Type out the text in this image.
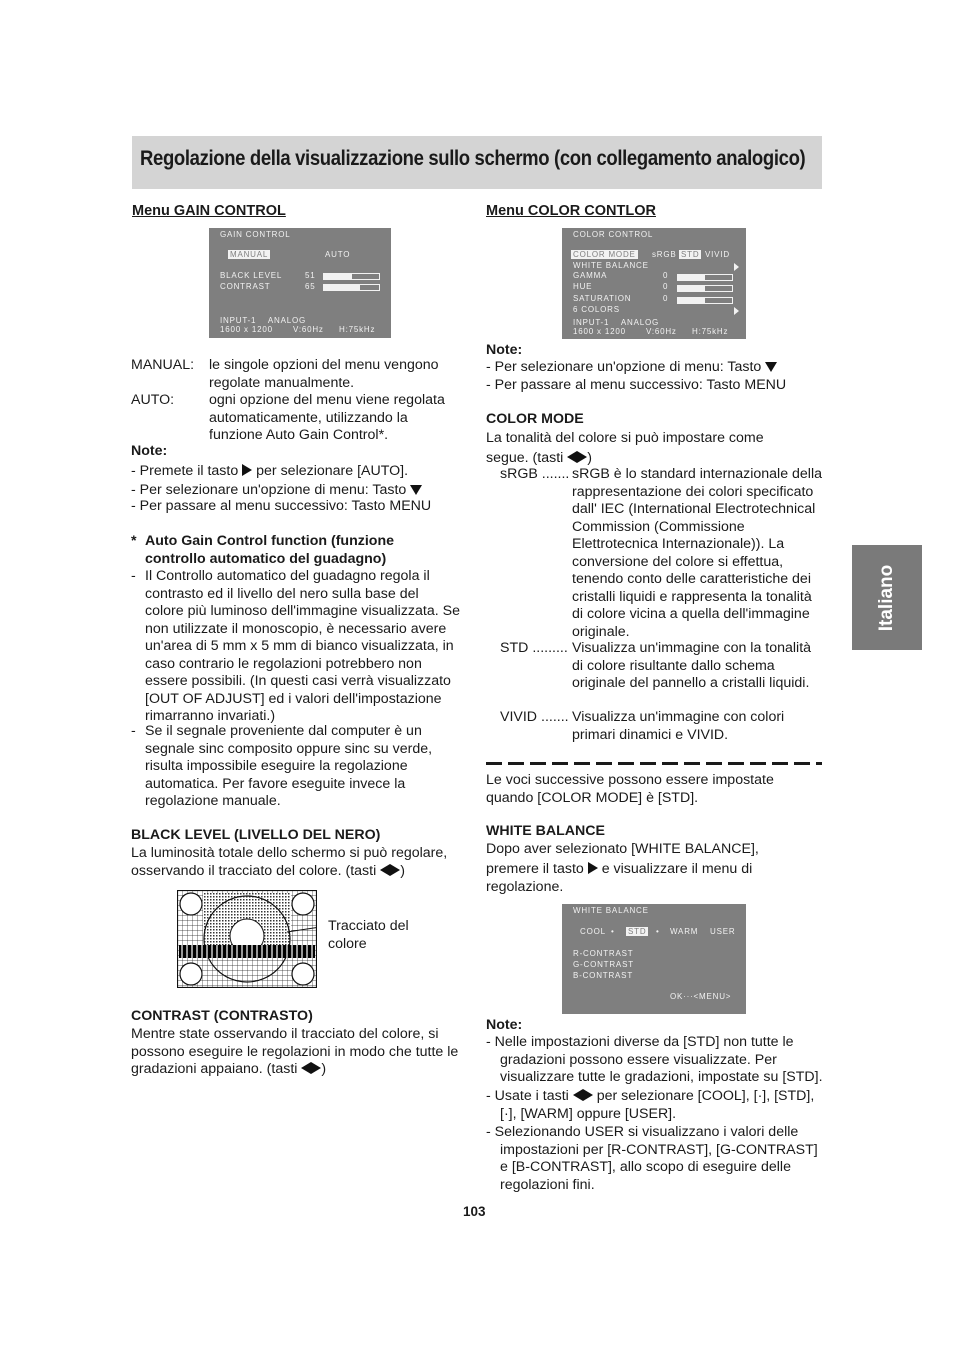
Regolazione della visualizzazione sullo schermo (con collegamento analogico)
Italiano
Menu GAIN CONTROL
GAIN CONTROL
MANUAL	AUTO
BLACK LEVEL	51
CONTRAST	65
INPUT-1    ANALOG
1600 x 1200	V:60Hz H:75kHz
MANUAL: le singole opzioni del menu vengono regolate manualmente.
AUTO: ogni opzione del menu viene regolata automaticamente, utilizzando la funzione Auto Gain Control*.
Note:
- Premete il tasto per selezionare [AUTO].
- Per selezionare un'opzione di menu: Tasto
- Per passare al menu successivo: Tasto MENU
* Auto Gain Control function (funzione controllo automatico del guadagno)
- Il Controllo automatico del guadagno regola il contrasto ed il livello del nero sulla base del colore più luminoso dell'immagine visualizzata. Se non utilizzate il monoscopio, è necessario avere un'area di 5 mm x 5 mm di bianco visualizzata, in caso contrario le regolazioni potrebbero non essere possibili. (In questi casi verrà visualizzato [OUT OF ADJUST] ed i valori dell'impostazione rimarranno invariati.)
- Se il segnale proveniente dal computer è un segnale sinc composito oppure sinc su verde, risulta impossibile eseguire la regolazione automatica. Per favore eseguite invece la regolazione manuale.
BLACK LEVEL (LIVELLO DEL NERO)
La luminosità totale dello schermo si può regolare, osservando il tracciato del colore. (tasti )
Tracciato del colore
CONTRAST (CONTRASTO)
Mentre state osservando il tracciato del colore, si possono eseguire le regolazioni in modo che tutte le gradazioni appaiano. (tasti )
Menu COLOR CONTLOR
COLOR CONTROL
COLOR MODE sRGB STD VIVID
WHITE BALANCE
GAMMA	0
HUE	0
SATURATION	0
6 COLORS
INPUT-1    ANALOG
1600 x 1200	V:60Hz H:75kHz
Note:
- Per selezionare un'opzione di menu: Tasto
- Per passare al menu successivo: Tasto MENU
COLOR MODE
La tonalità del colore si può impostare come segue. (tasti )
sRGB ....... sRGB è lo standard internazionale della rappresentazione dei colori specificato dall' IEC (International Electrotechnical Commission (Commissione Elettrotecnica Internazionale)). La conversione del colore si effettua, tenendo conto delle caratteristiche dei cristalli liquidi e rappresenta la tonalità di colore vicina a quella dell'immagine originale.
STD ......... Visualizza un'immagine con la tonalità di colore risultante dallo schema originale del pannello a cristalli liquidi.
VIVID ....... Visualizza un'immagine con colori primari dinamici e VIVID.
Le voci successive possono essere impostate quando [COLOR MODE] è [STD].
WHITE BALANCE
Dopo aver selezionato [WHITE BALANCE],
premere il tasto e visualizzare il menu di regolazione.
WHITE BALANCE
COOL • STD • WARM USER
R-CONTRAST
G-CONTRAST
B-CONTRAST
OK···<MENU>
Note:
- Nelle impostazioni diverse da [STD] non tutte le gradazioni possono essere visualizzate. Per visualizzare tutte le gradazioni, impostate su [STD].
- Usate i tasti per selezionare [COOL], [·], [STD], [·], [WARM] oppure [USER].
- Selezionando USER si visualizzano i valori delle impostazioni per [R-CONTRAST], [G-CONTRAST] e [B-CONTRAST], allo scopo di eseguire delle regolazioni fini.
103
